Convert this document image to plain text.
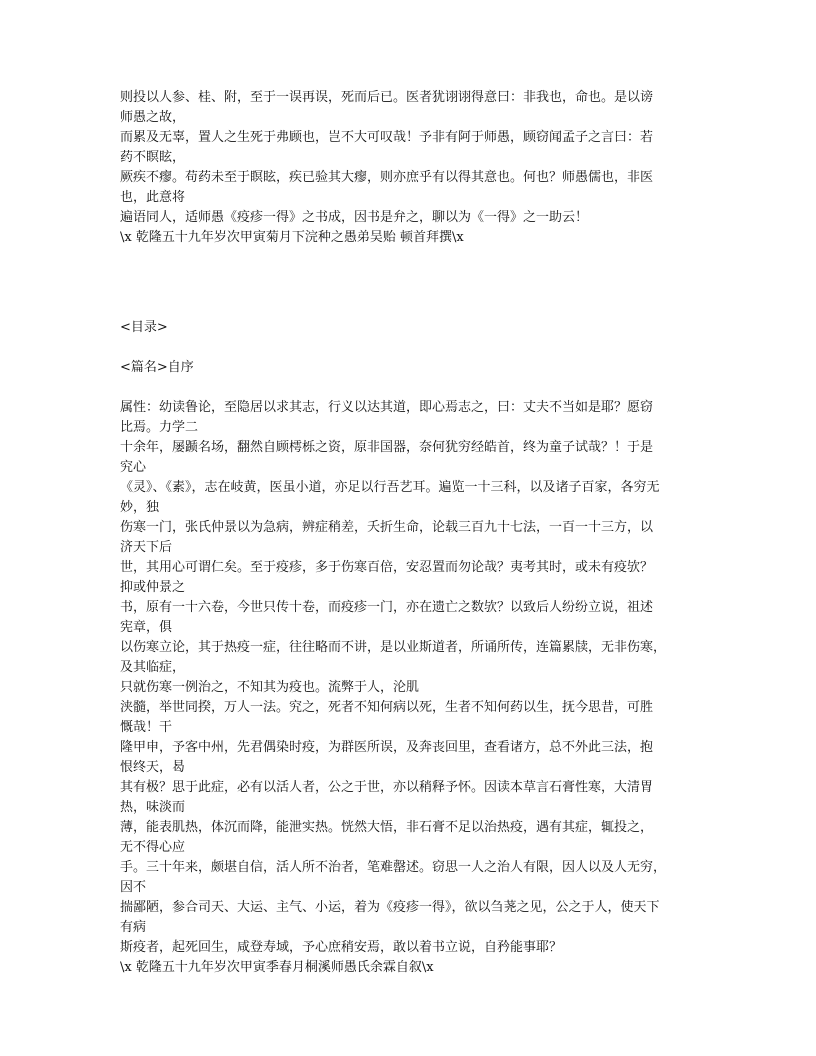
则投以人参、桂、附，至于一误再误，死而后已。医者犹诩诩得意曰：非我也，命也。是以谤

师愚之故，

而累及无辜，置人之生死于弗顾也，岂不大可叹哉！予非有阿于师愚，顾窃闻孟子之言曰：若

药不瞑眩，

厥疾不瘳。苟药未至于瞑眩，疾已验其大瘳，则亦庶乎有以得其意也。何也？师愚儒也，非医

也，此意将

遍语同人，适师愚《疫疹一得》之书成，因书是弁之，聊以为《一得》之一助云！

\x 乾隆五十九年岁次甲寅菊月下浣种之愚弟吴贻 顿首拜撰\x

<目录>

<篇名>自序

属性：幼读鲁论，至隐居以求其志，行义以达其道，即心焉志之，曰：丈夫不当如是耶？愿窃

比焉。力学二

十余年，屡踬名场，翻然自顾樗栎之资，原非国器，奈何犹穷经皓首，终为童子试哉？！于是

究心

《灵》、《素》，志在岐黄，医虽小道，亦足以行吾艺耳。遍览一十三科，以及诸子百家，各穷无

妙，独

伤寒一门，张氏仲景以为急病，辨症稍差，夭折生命，论载三百九十七法，一百一十三方，以

济天下后

世，其用心可谓仁矣。至于疫疹，多于伤寒百倍，安忍置而勿论哉？夷考其时，或未有疫欤？

抑或仲景之

书，原有一十六卷，今世只传十卷，而疫疹一门，亦在遗亡之数欤？以致后人纷纷立说，祖述

宪章，俱

以伤寒立论，其于热疫一症，往往略而不讲，是以业斯道者，所诵所传，连篇累牍，无非伤寒，

及其临症，

只就伤寒一例治之，不知其为疫也。流弊于人，沦肌

浃髓，举世同揆，万人一法。究之，死者不知何病以死，生者不知何药以生，抚今思昔，可胜

慨哉！干

隆甲申，予客中州，先君偶染时疫，为群医所误，及奔丧回里，查看诸方，总不外此三法，抱

恨终天，曷

其有极？思于此症，必有以活人者，公之于世，亦以稍释予怀。因读本草言石膏性寒，大清胃

热，味淡而

薄，能表肌热，体沉而降，能泄实热。恍然大悟，非石膏不足以治热疫，遇有其症，辄投之，

无不得心应

手。三十年来，颇堪自信，活人所不治者，笔难罄述。窃思一人之治人有限，因人以及人无穷，

因不

揣鄙陋，参合司天、大运、主气、小运，着为《疫疹一得》，欲以刍荛之见，公之于人，使天下

有病

斯疫者，起死回生，咸登寿域，予心庶稍安焉，敢以着书立说，自矜能事耶？

\x 乾隆五十九年岁次甲寅季春月桐溪师愚氏余霖自叙\x
